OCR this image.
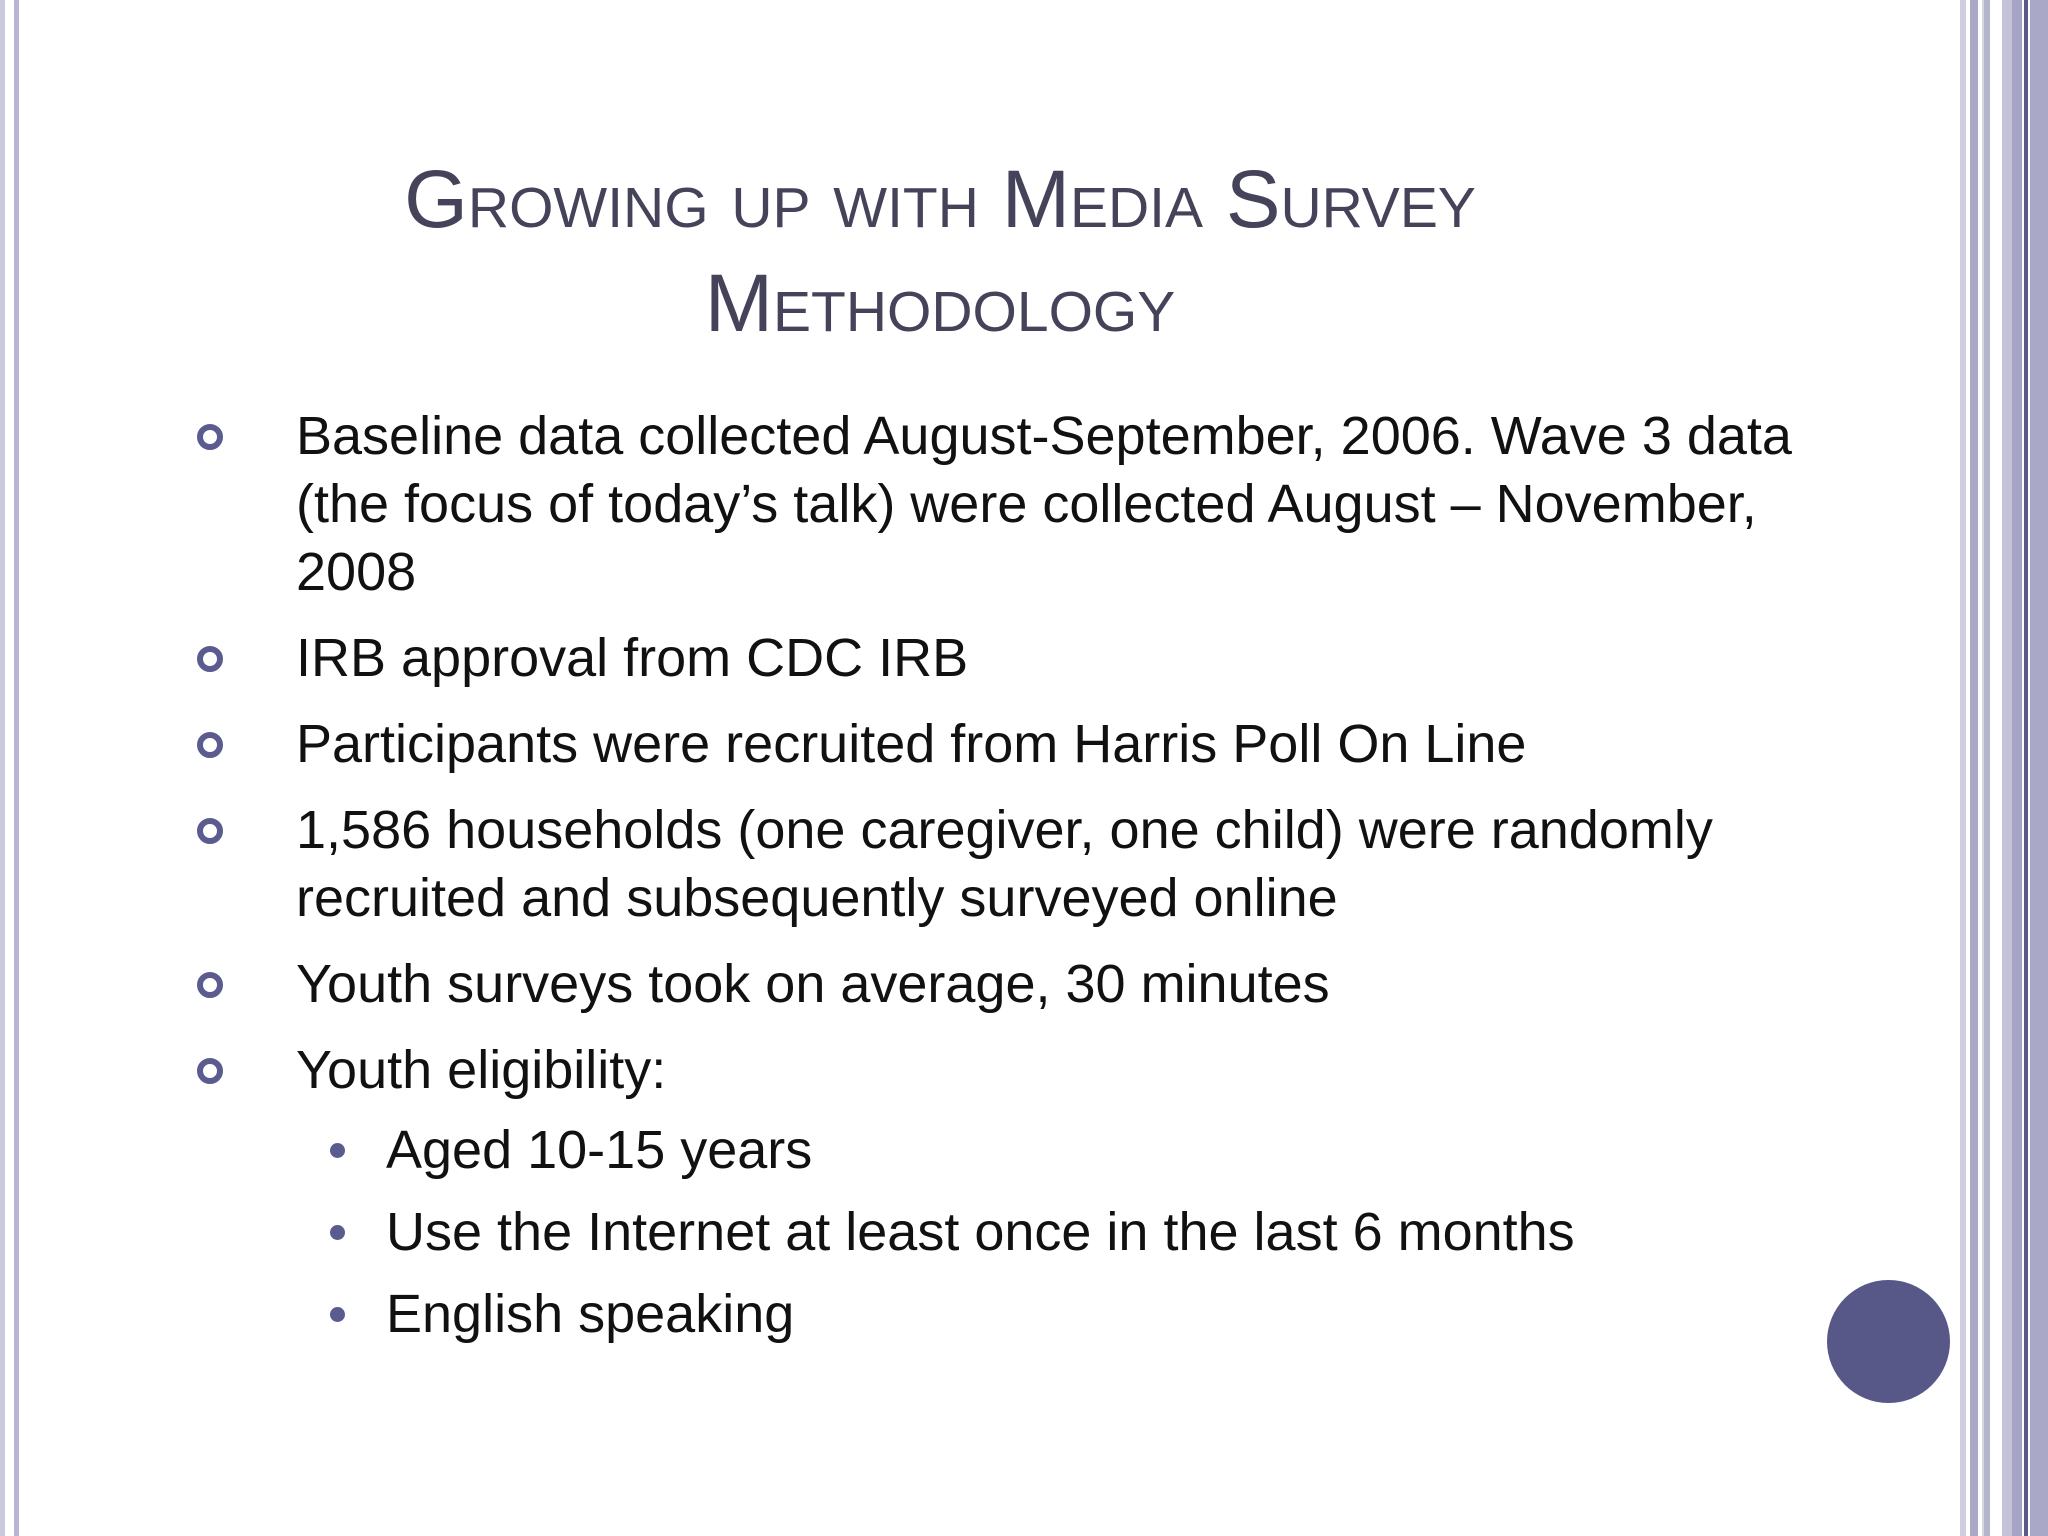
Growing up with Media Survey
Methodology
Baseline data collected August-September, 2006. Wave 3 data (the focus of today’s talk) were collected August – November, 2008
IRB approval from CDC IRB
Participants were recruited from Harris Poll On Line
1,586 households (one caregiver, one child) were randomly recruited and subsequently surveyed online
Youth surveys took on average, 30 minutes
Youth eligibility:
Aged 10-15 years
Use the Internet at least once in the last 6 months
English speaking
